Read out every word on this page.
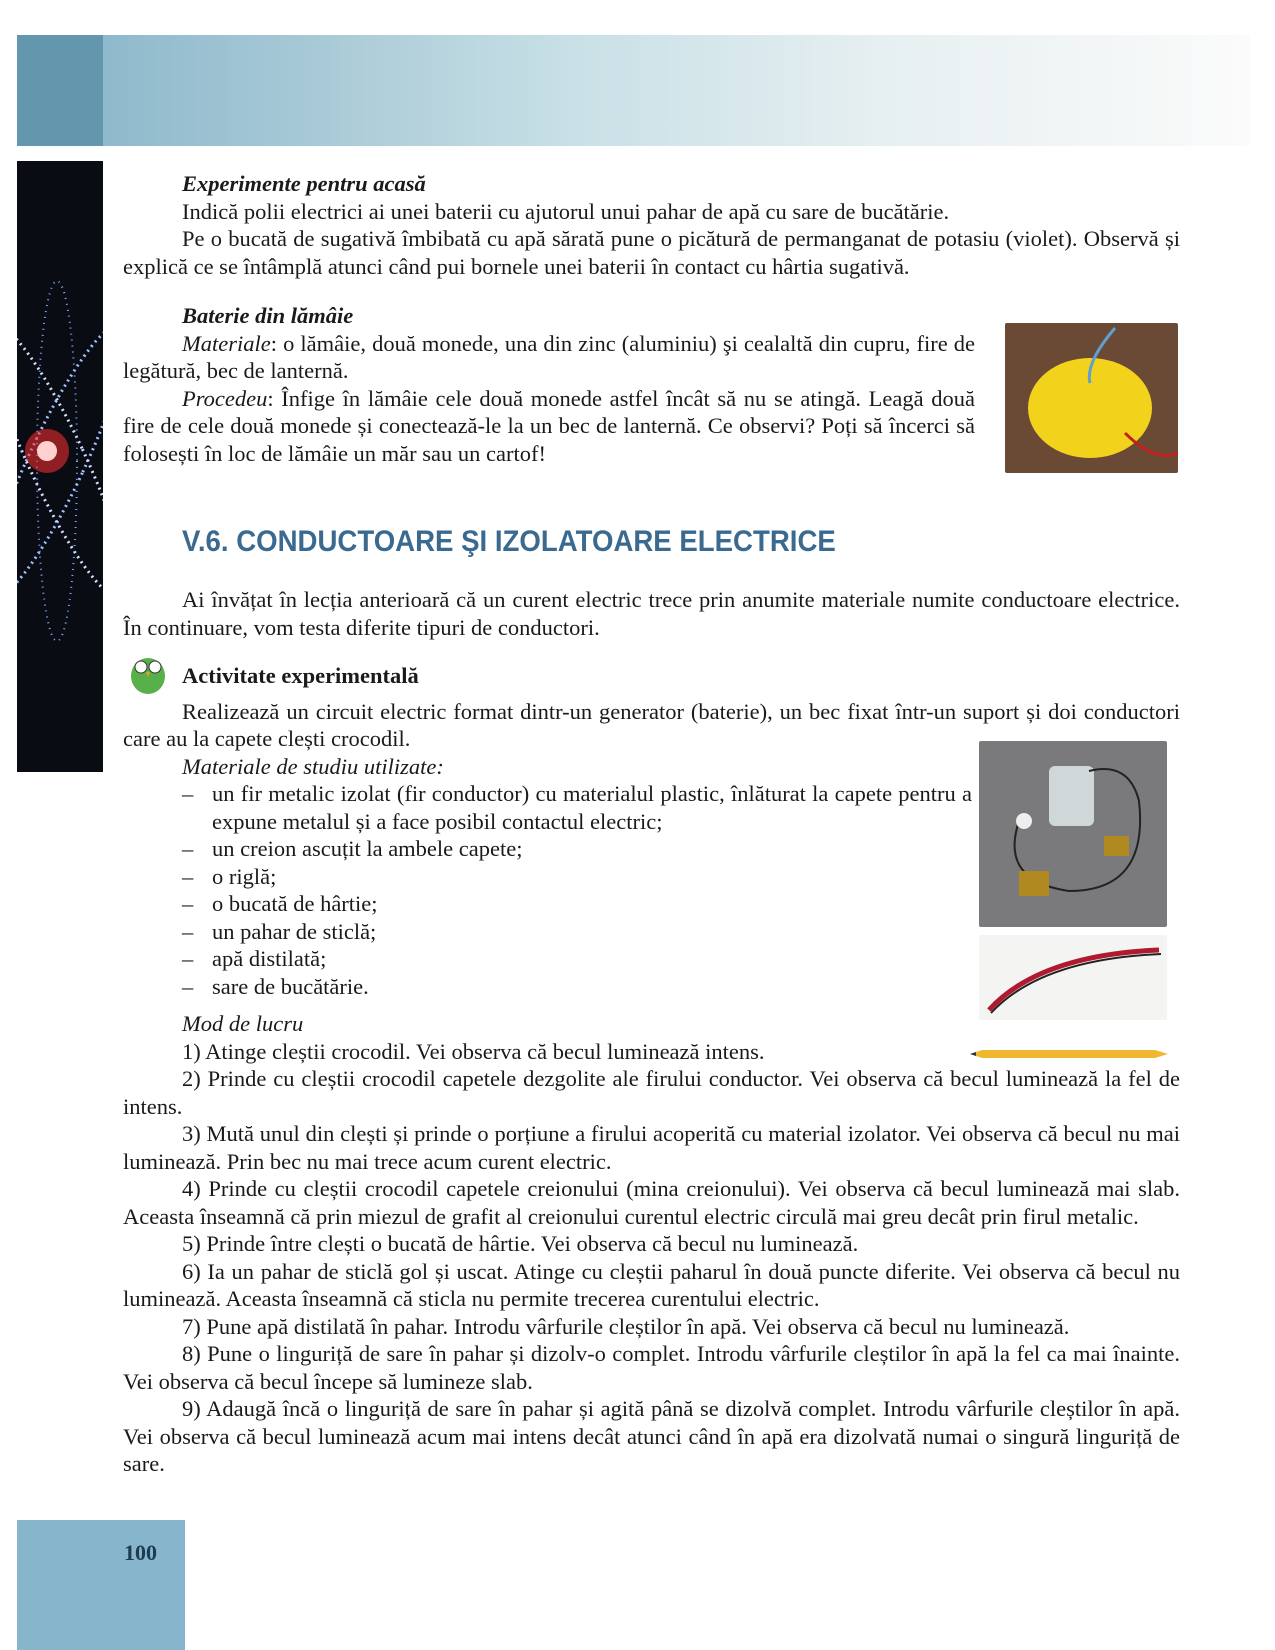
Experimente pentru acasă

Indică polii electrici ai unei baterii cu ajutorul unui pahar de apă cu sare de bucătărie.

Pe o bucată de sugativă îmbibată cu apă sărată pune o picătură de permanganat de potasiu (violet). Observă și explică ce se întâmplă atunci când pui bornele unei baterii în contact cu hârtia sugativă.

Baterie din lămâie

Materiale: o lămâie, două monede, una din zinc (aluminiu) şi cealaltă din cupru, fire de legătură, bec de lanternă.

Procedeu: Înfige în lămâie cele două monede astfel încât să nu se atingă. Leagă două fire de cele două monede și conectează-le la un bec de lanternă. Ce observi? Poți să încerci să folosești în loc de lămâie un măr sau un cartof!

V.6. CONDUCTOARE ŞI IZOLATOARE ELECTRICE

Ai învățat în lecția anterioară că un curent electric trece prin anumite materiale numite conductoare electrice. În continuare, vom testa diferite tipuri de conductori.

Activitate experimentală

Realizează un circuit electric format dintr-un generator (baterie), un bec fixat într-un suport și doi conductori care au la capete clești crocodil.

Materiale de studiu utilizate:

– un fir metalic izolat (fir conductor) cu materialul plastic, înlăturat la capete pentru a expune metalul și a face posibil contactul electric;
– un creion ascuțit la ambele capete;
– o riglă;
– o bucată de hârtie;
– un pahar de sticlă;
– apă distilată;
– sare de bucătărie.

Mod de lucru

1) Atinge cleștii crocodil. Vei observa că becul luminează intens.

2) Prinde cu cleștii crocodil capetele dezgolite ale firului conductor. Vei observa că becul luminează la fel de intens.

3) Mută unul din clești și prinde o porțiune a firului acoperită cu material izolator. Vei observa că becul nu mai luminează. Prin bec nu mai trece acum curent electric.

4) Prinde cu cleștii crocodil capetele creionului (mina creionului). Vei observa că becul luminează mai slab. Aceasta înseamnă că prin miezul de grafit al creionului curentul electric circulă mai greu decât prin firul metalic.

5) Prinde între clești o bucată de hârtie. Vei observa că becul nu luminează.

6) Ia un pahar de sticlă gol și uscat. Atinge cu cleștii paharul în două puncte diferite. Vei observa că becul nu luminează. Aceasta înseamnă că sticla nu permite trecerea curentului electric.

7) Pune apă distilată în pahar. Introdu vârfurile cleștilor în apă. Vei observa că becul nu luminează.

8) Pune o linguriță de sare în pahar și dizolv-o complet. Introdu vârfurile cleștilor în apă la fel ca mai înainte. Vei observa că becul începe să lumineze slab.

9) Adaugă încă o linguriță de sare în pahar și agită până se dizolvă complet. Introdu vârfurile cleștilor în apă. Vei observa că becul luminează acum mai intens decât atunci când în apă era dizolvată numai o singură linguriță de sare.

100
